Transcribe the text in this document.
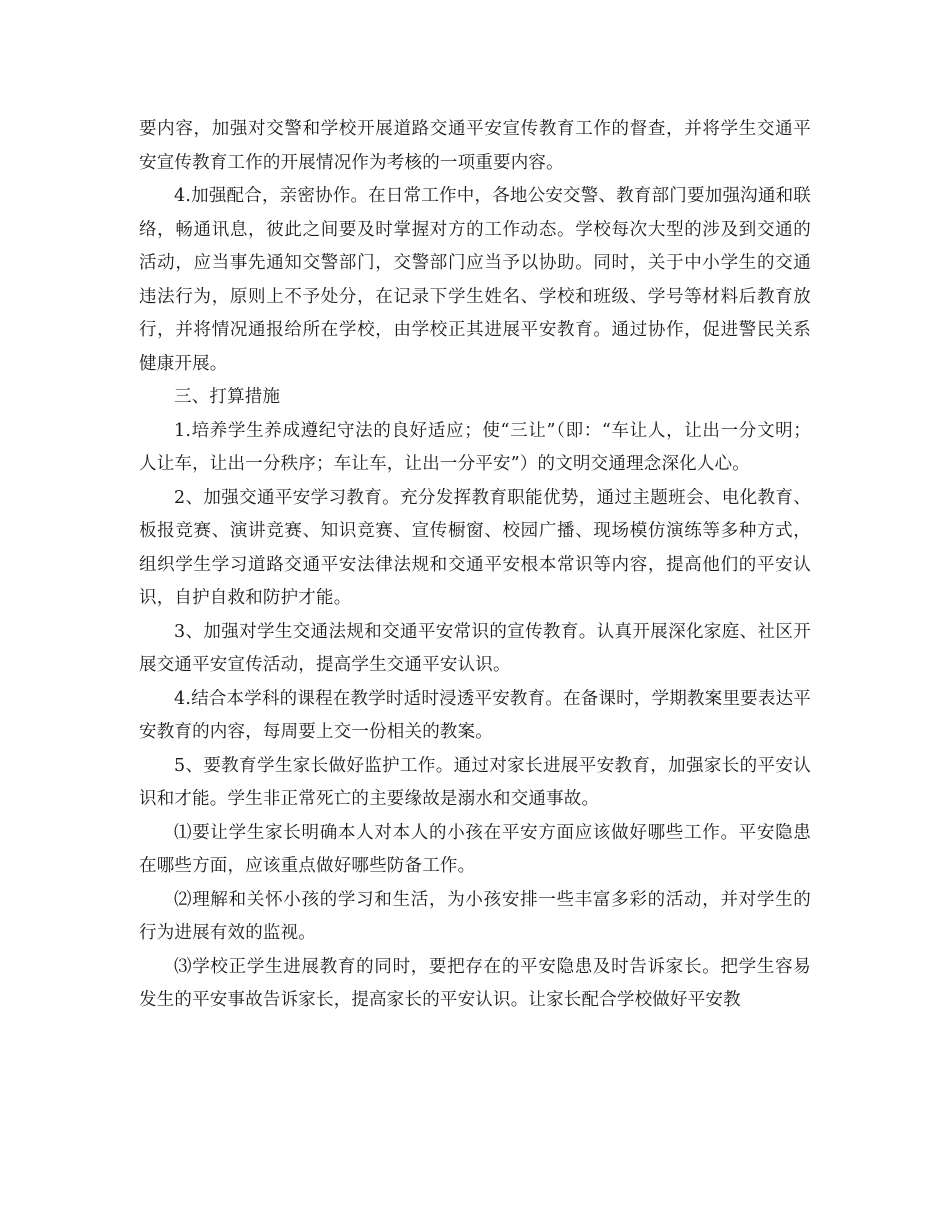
要内容，加强对交警和学校开展道路交通平安宣传教育工作的督查，并将学生交通平安宣传教育工作的开展情况作为考核的一项重要内容。

4.加强配合，亲密协作。在日常工作中，各地公安交警、教育部门要加强沟通和联络，畅通讯息，彼此之间要及时掌握对方的工作动态。学校每次大型的涉及到交通的活动，应当事先通知交警部门，交警部门应当予以协助。同时，关于中小学生的交通违法行为，原则上不予处分，在记录下学生姓名、学校和班级、学号等材料后教育放行，并将情况通报给所在学校，由学校正其进展平安教育。通过协作，促进警民关系健康开展。

三、打算措施

1.培养学生养成遵纪守法的良好适应；使“三让”（即：“车让人，让出一分文明；人让车，让出一分秩序；车让车，让出一分平安”）的文明交通理念深化人心。

2、加强交通平安学习教育。充分发挥教育职能优势，通过主题班会、电化教育、板报竞赛、演讲竞赛、知识竞赛、宣传橱窗、校园广播、现场模仿演练等多种方式，组织学生学习道路交通平安法律法规和交通平安根本常识等内容，提高他们的平安认识，自护自救和防护才能。

3、加强对学生交通法规和交通平安常识的宣传教育。认真开展深化家庭、社区开展交通平安宣传活动，提高学生交通平安认识。

4.结合本学科的课程在教学时适时浸透平安教育。在备课时，学期教案里要表达平安教育的内容，每周要上交一份相关的教案。

5、要教育学生家长做好监护工作。通过对家长进展平安教育，加强家长的平安认识和才能。学生非正常死亡的主要缘故是溺水和交通事故。

⑴要让学生家长明确本人对本人的小孩在平安方面应该做好哪些工作。平安隐患在哪些方面，应该重点做好哪些防备工作。

⑵理解和关怀小孩的学习和生活，为小孩安排一些丰富多彩的活动，并对学生的行为进展有效的监视。

⑶学校正学生进展教育的同时，要把存在的平安隐患及时告诉家长。把学生容易发生的平安事故告诉家长，提高家长的平安认识。让家长配合学校做好平安教
